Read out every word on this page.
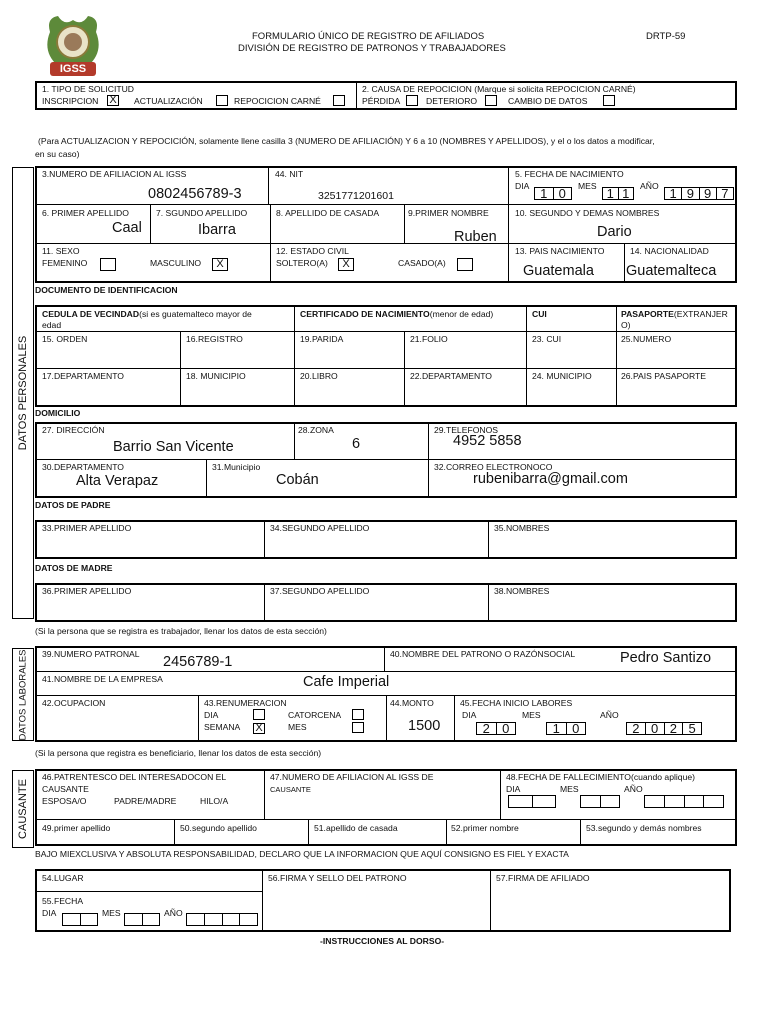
IGSS
FORMULARIO ÚNICO DE REGISTRO DE AFILIADOS
DIVISIÓN DE REGISTRO DE PATRONOS Y TRABAJADORES
DRTP-59
1. TIPO DE SOLICITUD
INSCRIPCION X ACTUALIZACIÓN	REPOCICION CARNÉ
2. CAUSA DE REPOCICION (Marque si solicita REPOCICION CARNÉ)
PÉRDIDA	DETERIORO	CAMBIO DE DATOS
(Para ACTUALIZACION Y REPOCICIÓN, solamente llene casilla 3 (NUMERO DE AFILIACIÓN) Y 6 a 10 (NOMBRES Y APELLIDOS), y el o los datos a modificar,
en su caso)
DATOS PERSONALES
3.NUMERO DE AFILIACION AL IGSS
0802456789-3
44. NIT
3251771201601
5. FECHA DE NACIMIENTO
DIA 1 0	MES 1 1	AÑO 1 9 9 7
6. PRIMER APELLIDO
Caal
7. SGUNDO APELLIDO
Ibarra
8. APELLIDO DE CASADA	9.PRIMER NOMBRE
Ruben
10. SEGUNDO Y DEMAS NOMBRES
Dario
11. SEXO
FEMENINO	MASCULINO	X
12. ESTADO CIVIL
SOLTERO(A)	X	CASADO(A)
13. PAIS NACIMIENTO
Guatemala
14. NACIONALIDAD
Guatemalteca
DOCUMENTO DE IDENTIFICACION
CEDULA DE VECINDAD(si es guatemalteco mayor de
edad
CERTIFICADO DE NACIMIENTO(menor de edad)	CUI	PASAPORTE(EXTRANJER
O)
15. ORDEN	16.REGISTRO	19.PARIDA	21.FOLIO	23. CUI	25.NUMERO
17.DEPARTAMENTO	18. MUNICIPIO	20.LIBRO	22.DEPARTAMENTO	24. MUNICIPIO	26.PAIS PASAPORTE
DOMICILIO
27. DIRECCIÓN
Barrio San Vicente
28.ZONA
6
29.TELEFONOS
4952 5858
30.DEPARTAMENTO
Alta Verapaz
31.Municipio
Cobán
32.CORREO ELECTRONOCO
rubenibarra@gmail.com
DATOS DE PADRE
33.PRIMER APELLIDO	34.SEGUNDO APELLIDO	35.NOMBRES
DATOS DE MADRE
36.PRIMER APELLIDO	37.SEGUNDO APELLIDO	38.NOMBRES
(Si la persona que se registra es trabajador, llenar los datos de esta sección)
DATOS LABORALES 39.NUMERO PATRONAL 2456789-1	40.NOMBRE DEL PATRONO O RAZÓNSOCIAL	Pedro Santizo
41.NOMBRE DE LA EMPRESA	Cafe Imperial
42.OCUPACION	43.RENUMERACION
DIA	CATORCENA
SEMANA X	MES
44.MONTO
1500
45.FECHA INICIO LABORES
DIA
2 0
MES
1 0
AÑO
2 0 2 5
(Si la persona que registra es beneficiario, llenar los datos de esta sección)
CAUSANTE
46.PATRENTESCO DEL INTERESADOCON EL
CAUSANTE
ESPOSA/O	PADRE/MADRE	HILO/A
47.NUMERO DE AFILIACION AL IGSS DE
CAUSANTE
48.FECHA DE FALLECIMIENTO(cuando aplique)
DIA	MES	AÑO
49.primer apellido	50.segundo apellido	51.apellido de casada	52.primer nombre	53.segundo y demás nombres
BAJO MIEXCLUSIVA Y ABSOLUTA RESPONSABILIDAD, DECLARO QUE LA INFORMACION QUE AQUÍ CONSIGNO ES FIEL Y EXACTA
54.LUGAR
55.FECHA
DIA	MES	AÑO
56.FIRMA Y SELLO DEL PATRONO	57.FIRMA DE AFILIADO
-INSTRUCCIONES AL DORSO-
